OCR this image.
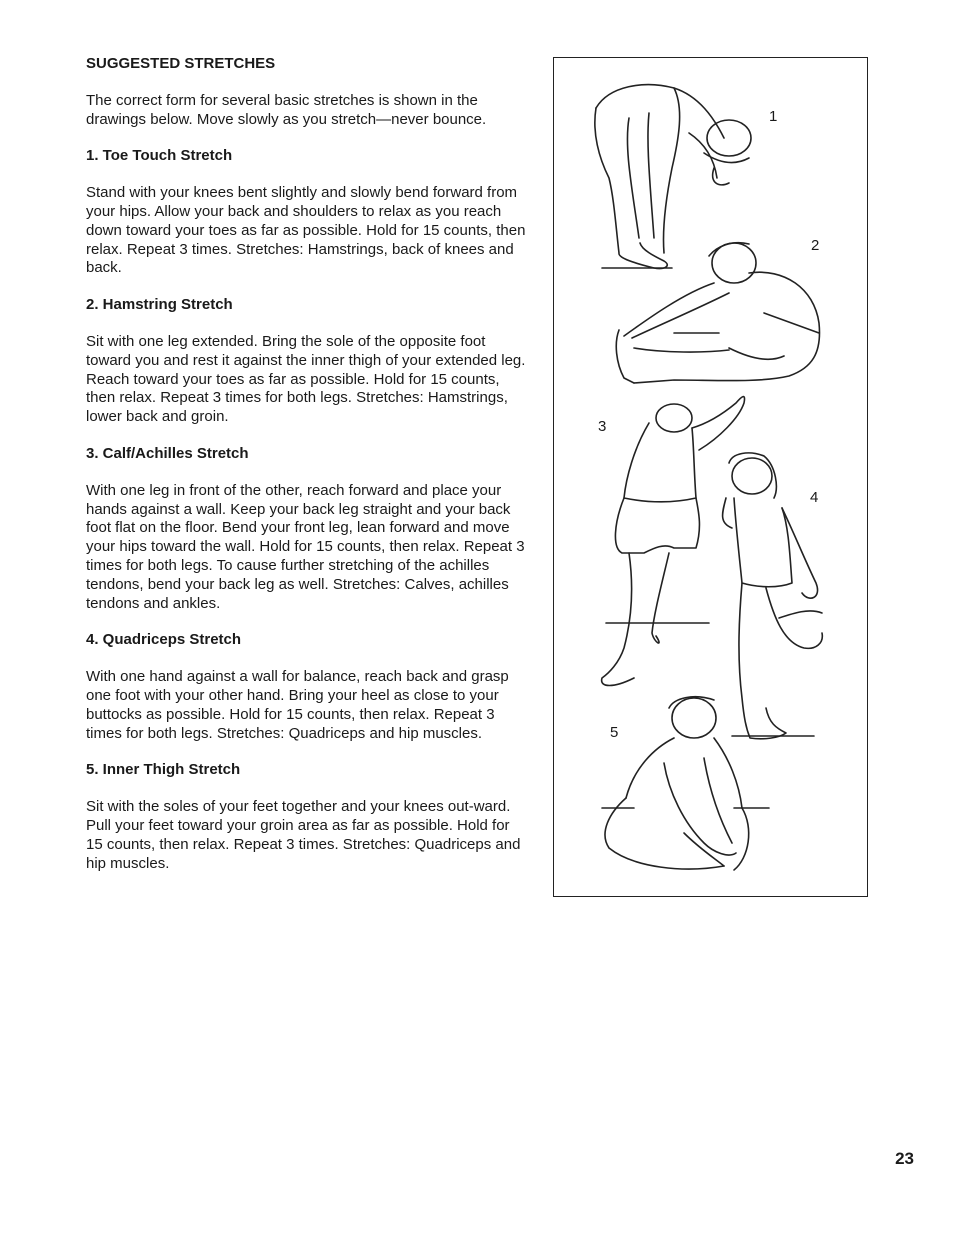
SUGGESTED STRETCHES
The correct form for several basic stretches is shown in the drawings below. Move slowly as you stretch—never bounce.
1. Toe Touch Stretch
Stand with your knees bent slightly and slowly bend forward from your hips. Allow your back and shoulders to relax as you reach down toward your toes as far as possible. Hold for 15 counts, then relax. Repeat 3 times. Stretches: Hamstrings, back of knees and back.
2. Hamstring Stretch
Sit with one leg extended. Bring the sole of the opposite foot toward you and rest it against the inner thigh of your extended leg. Reach toward your toes as far as possible. Hold for 15 counts, then relax. Repeat 3 times for both legs. Stretches: Hamstrings, lower back and groin.
3. Calf/Achilles Stretch
With one leg in front of the other, reach forward and place your hands against a wall. Keep your back leg straight and your back foot flat on the floor. Bend your front leg, lean forward and move your hips toward the wall. Hold for 15 counts, then relax. Repeat 3 times for both legs. To cause further stretching of the achilles tendons, bend your back leg as well. Stretches: Calves, achilles tendons and ankles.
4. Quadriceps Stretch
With one hand against a wall for balance, reach back and grasp one foot with your other hand. Bring your heel as close to your buttocks as possible. Hold for 15 counts, then relax. Repeat 3 times for both legs. Stretches: Quadriceps and hip muscles.
5. Inner Thigh Stretch
Sit with the soles of your feet together and your knees out-ward. Pull your feet toward your groin area as far as possible. Hold for 15 counts, then relax. Repeat 3 times. Stretches: Quadriceps and hip muscles.
1
2
3
4
5
23
